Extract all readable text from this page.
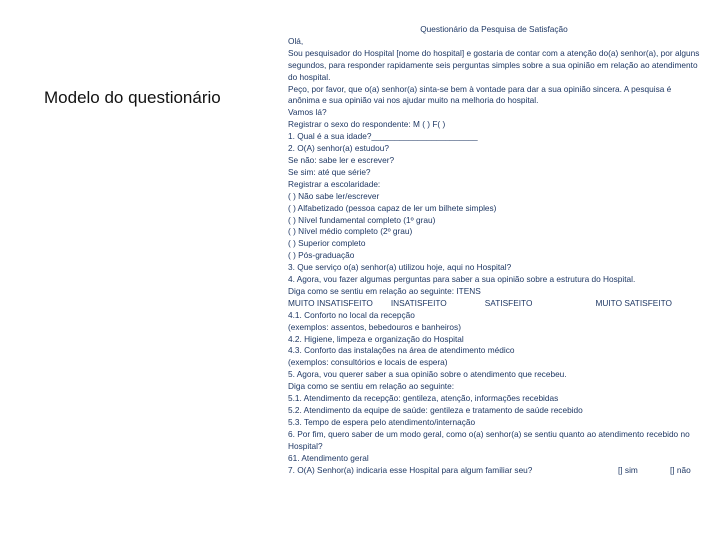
Modelo do questionário
Questionário da Pesquisa de Satisfação
Olá,
Sou pesquisador do Hospital [nome do hospital] e gostaria de contar com a atenção do(a) senhor(a), por alguns segundos, para responder rapidamente seis perguntas simples sobre a sua opinião em relação ao atendimento do hospital.
Peço, por favor, que o(a) senhor(a) sinta-se bem à vontade para dar a sua opinião sincera. A pesquisa é anônima e sua opinião vai nos ajudar muito na melhoria do hospital.
Vamos lá?
Registrar o sexo do respondente: M ( ) F( )
1. Qual é a sua idade?_______________________
2. O(A) senhor(a) estudou?
Se não: sabe ler e escrever?
Se sim: até que série?
Registrar a escolaridade:
( ) Não sabe ler/escrever
( ) Alfabetizado (pessoa capaz de ler um bilhete simples)
( ) Nível fundamental completo (1º grau)
( ) Nível médio completo (2º grau)
( ) Superior completo
( ) Pós-graduação
3. Que serviço o(a) senhor(a) utilizou hoje, aqui no Hospital?
4. Agora, vou fazer algumas perguntas para saber a sua opinião sobre a estrutura do Hospital.
Diga como se sentiu em relação ao seguinte: ITENS
MUITO INSATISFEITO INSATISFEITO	SATISFEITO	MUITO SATISFEITO
4.1. Conforto no local da recepção
(exemplos: assentos, bebedouros e banheiros)
4.2. Higiene, limpeza e organização do Hospital
4.3. Conforto das instalações na área de atendimento médico
(exemplos: consultórios e locais de espera)
5. Agora, vou querer saber a sua opinião sobre o atendimento que recebeu.
Diga como se sentiu em relação ao seguinte:
5.1. Atendimento da recepção: gentileza, atenção, informações recebidas
5.2. Atendimento da equipe de saúde: gentileza e tratamento de saúde recebido
5.3. Tempo de espera pelo atendimento/internação
6. Por fim, quero saber de um modo geral, como o(a) senhor(a) se sentiu quanto ao atendimento recebido no Hospital?
61. Atendimento geral
7. O(A) Senhor(a) indicaria esse Hospital para algum familiar seu?	[] sim	[] não
